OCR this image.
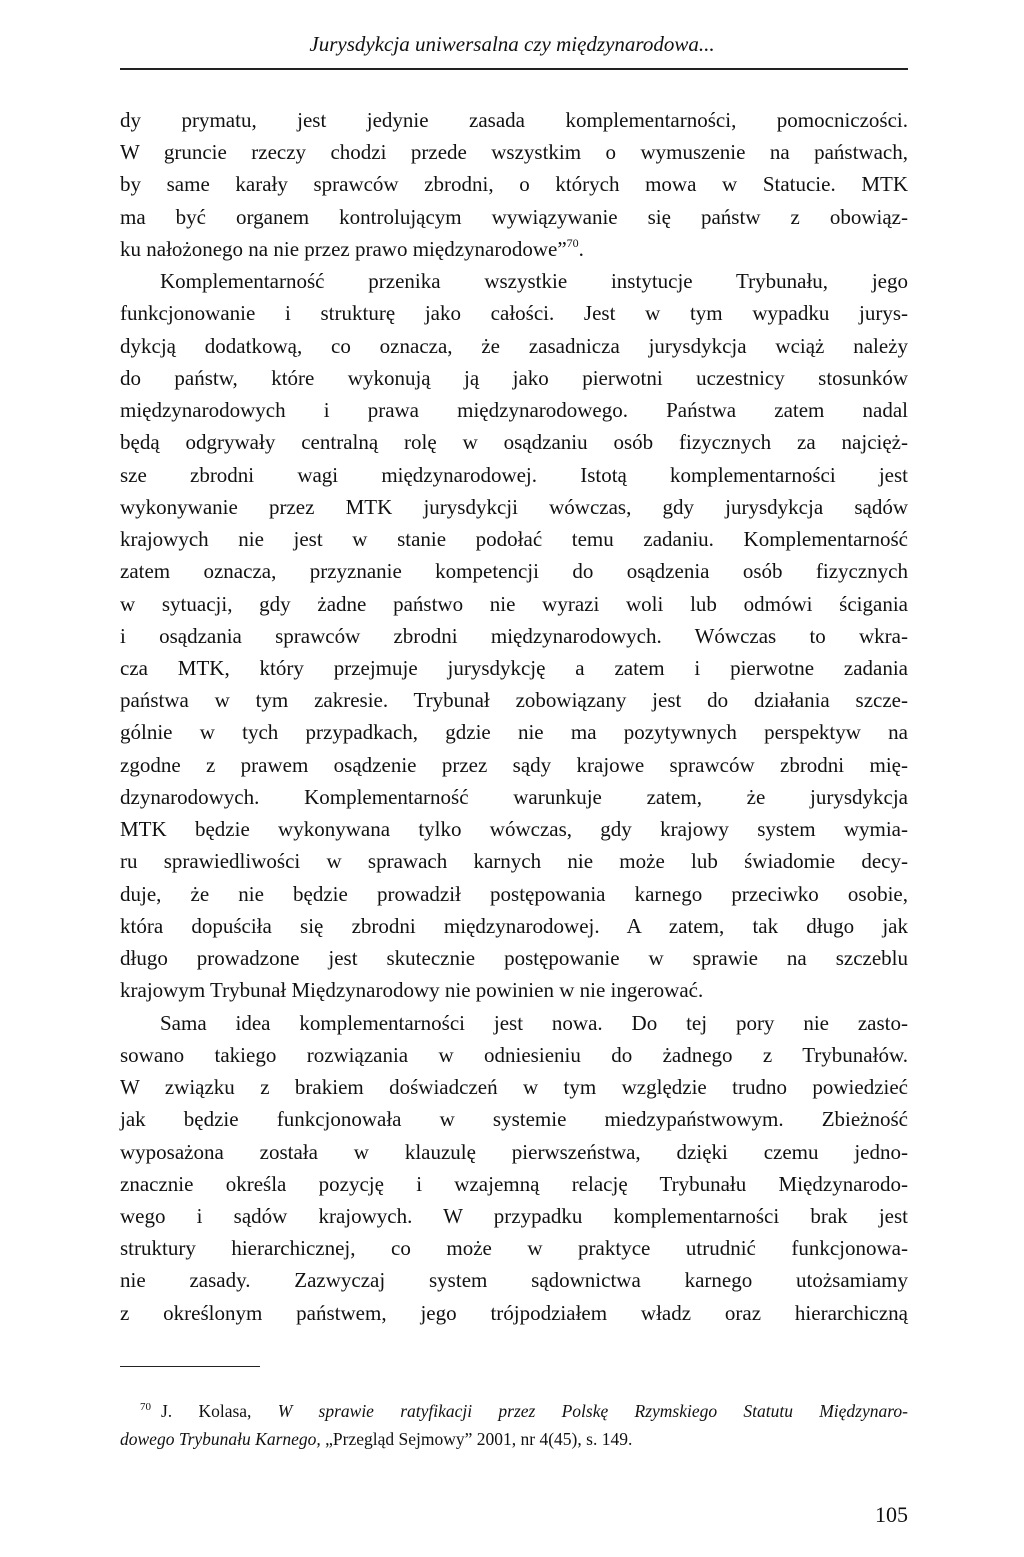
Jurysdykcja uniwersalna czy międzynarodowa...
dy prymatu, jest jedynie zasada komplementarności, pomocniczości.
W gruncie rzeczy chodzi przede wszystkim o wymuszenie na państwach,
by same karały sprawców zbrodni, o których mowa w Statucie. MTK
ma być organem kontrolującym wywiązywanie się państw z obowiąz-
ku nałożonego na nie przez prawo międzynarodowe”$^{70}$.
Komplementarność przenika wszystkie instytucje Trybunału, jego
funkcjonowanie i strukturę jako całości. Jest w tym wypadku jurys-
dykcją dodatkową, co oznacza, że zasadnicza jurysdykcja wciąż należy
do państw, które wykonują ją jako pierwotni uczestnicy stosunków
międzynarodowych i prawa międzynarodowego. Państwa zatem nadal
będą odgrywały centralną rolę w osądzaniu osób fizycznych za najcięż-
sze zbrodni wagi międzynarodowej. Istotą komplementarności jest
wykonywanie przez MTK jurysdykcji wówczas, gdy jurysdykcja sądów
krajowych nie jest w stanie podołać temu zadaniu. Komplementarność
zatem oznacza, przyznanie kompetencji do osądzenia osób fizycznych
w sytuacji, gdy żadne państwo nie wyrazi woli lub odmówi ścigania
i osądzania sprawców zbrodni międzynarodowych. Wówczas to wkra-
cza MTK, który przejmuje jurysdykcję a zatem i pierwotne zadania
państwa w tym zakresie. Trybunał zobowiązany jest do działania szcze-
gólnie w tych przypadkach, gdzie nie ma pozytywnych perspektyw na
zgodne z prawem osądzenie przez sądy krajowe sprawców zbrodni mię-
dzynarodowych. Komplementarność warunkuje zatem, że jurysdykcja
MTK będzie wykonywana tylko wówczas, gdy krajowy system wymia-
ru sprawiedliwości w sprawach karnych nie może lub świadomie decy-
duje, że nie będzie prowadził postępowania karnego przeciwko osobie,
która dopuściła się zbrodni międzynarodowej. A zatem, tak długo jak
długo prowadzone jest skutecznie postępowanie w sprawie na szczeblu
krajowym Trybunał Międzynarodowy nie powinien w nie ingerować.
Sama idea komplementarności jest nowa. Do tej pory nie zasto-
sowano takiego rozwiązania w odniesieniu do żadnego z Trybunałów.
W związku z brakiem doświadczeń w tym względzie trudno powiedzieć
jak będzie funkcjonowała w systemie miedzypaństwowym. Zbieżność
wyposażona została w klauzulę pierwszeństwa, dzięki czemu jedno-
znacznie określa pozycję i wzajemną relację Trybunału Międzynarodo-
wego i sądów krajowych. W przypadku komplementarności brak jest
struktury hierarchicznej, co może w praktyce utrudnić funkcjonowa-
nie zasady. Zazwyczaj system sądownictwa karnego utożsamiamy
z określonym państwem, jego trójpodziałem władz oraz hierarchiczną
$^{70}$ J. Kolasa, W sprawie ratyfikacji przez Polskę Rzymskiego Statutu Międzynaro-
dowego Trybunału Karnego, „Przegląd Sejmowy” 2001, nr 4(45), s. 149.
105
